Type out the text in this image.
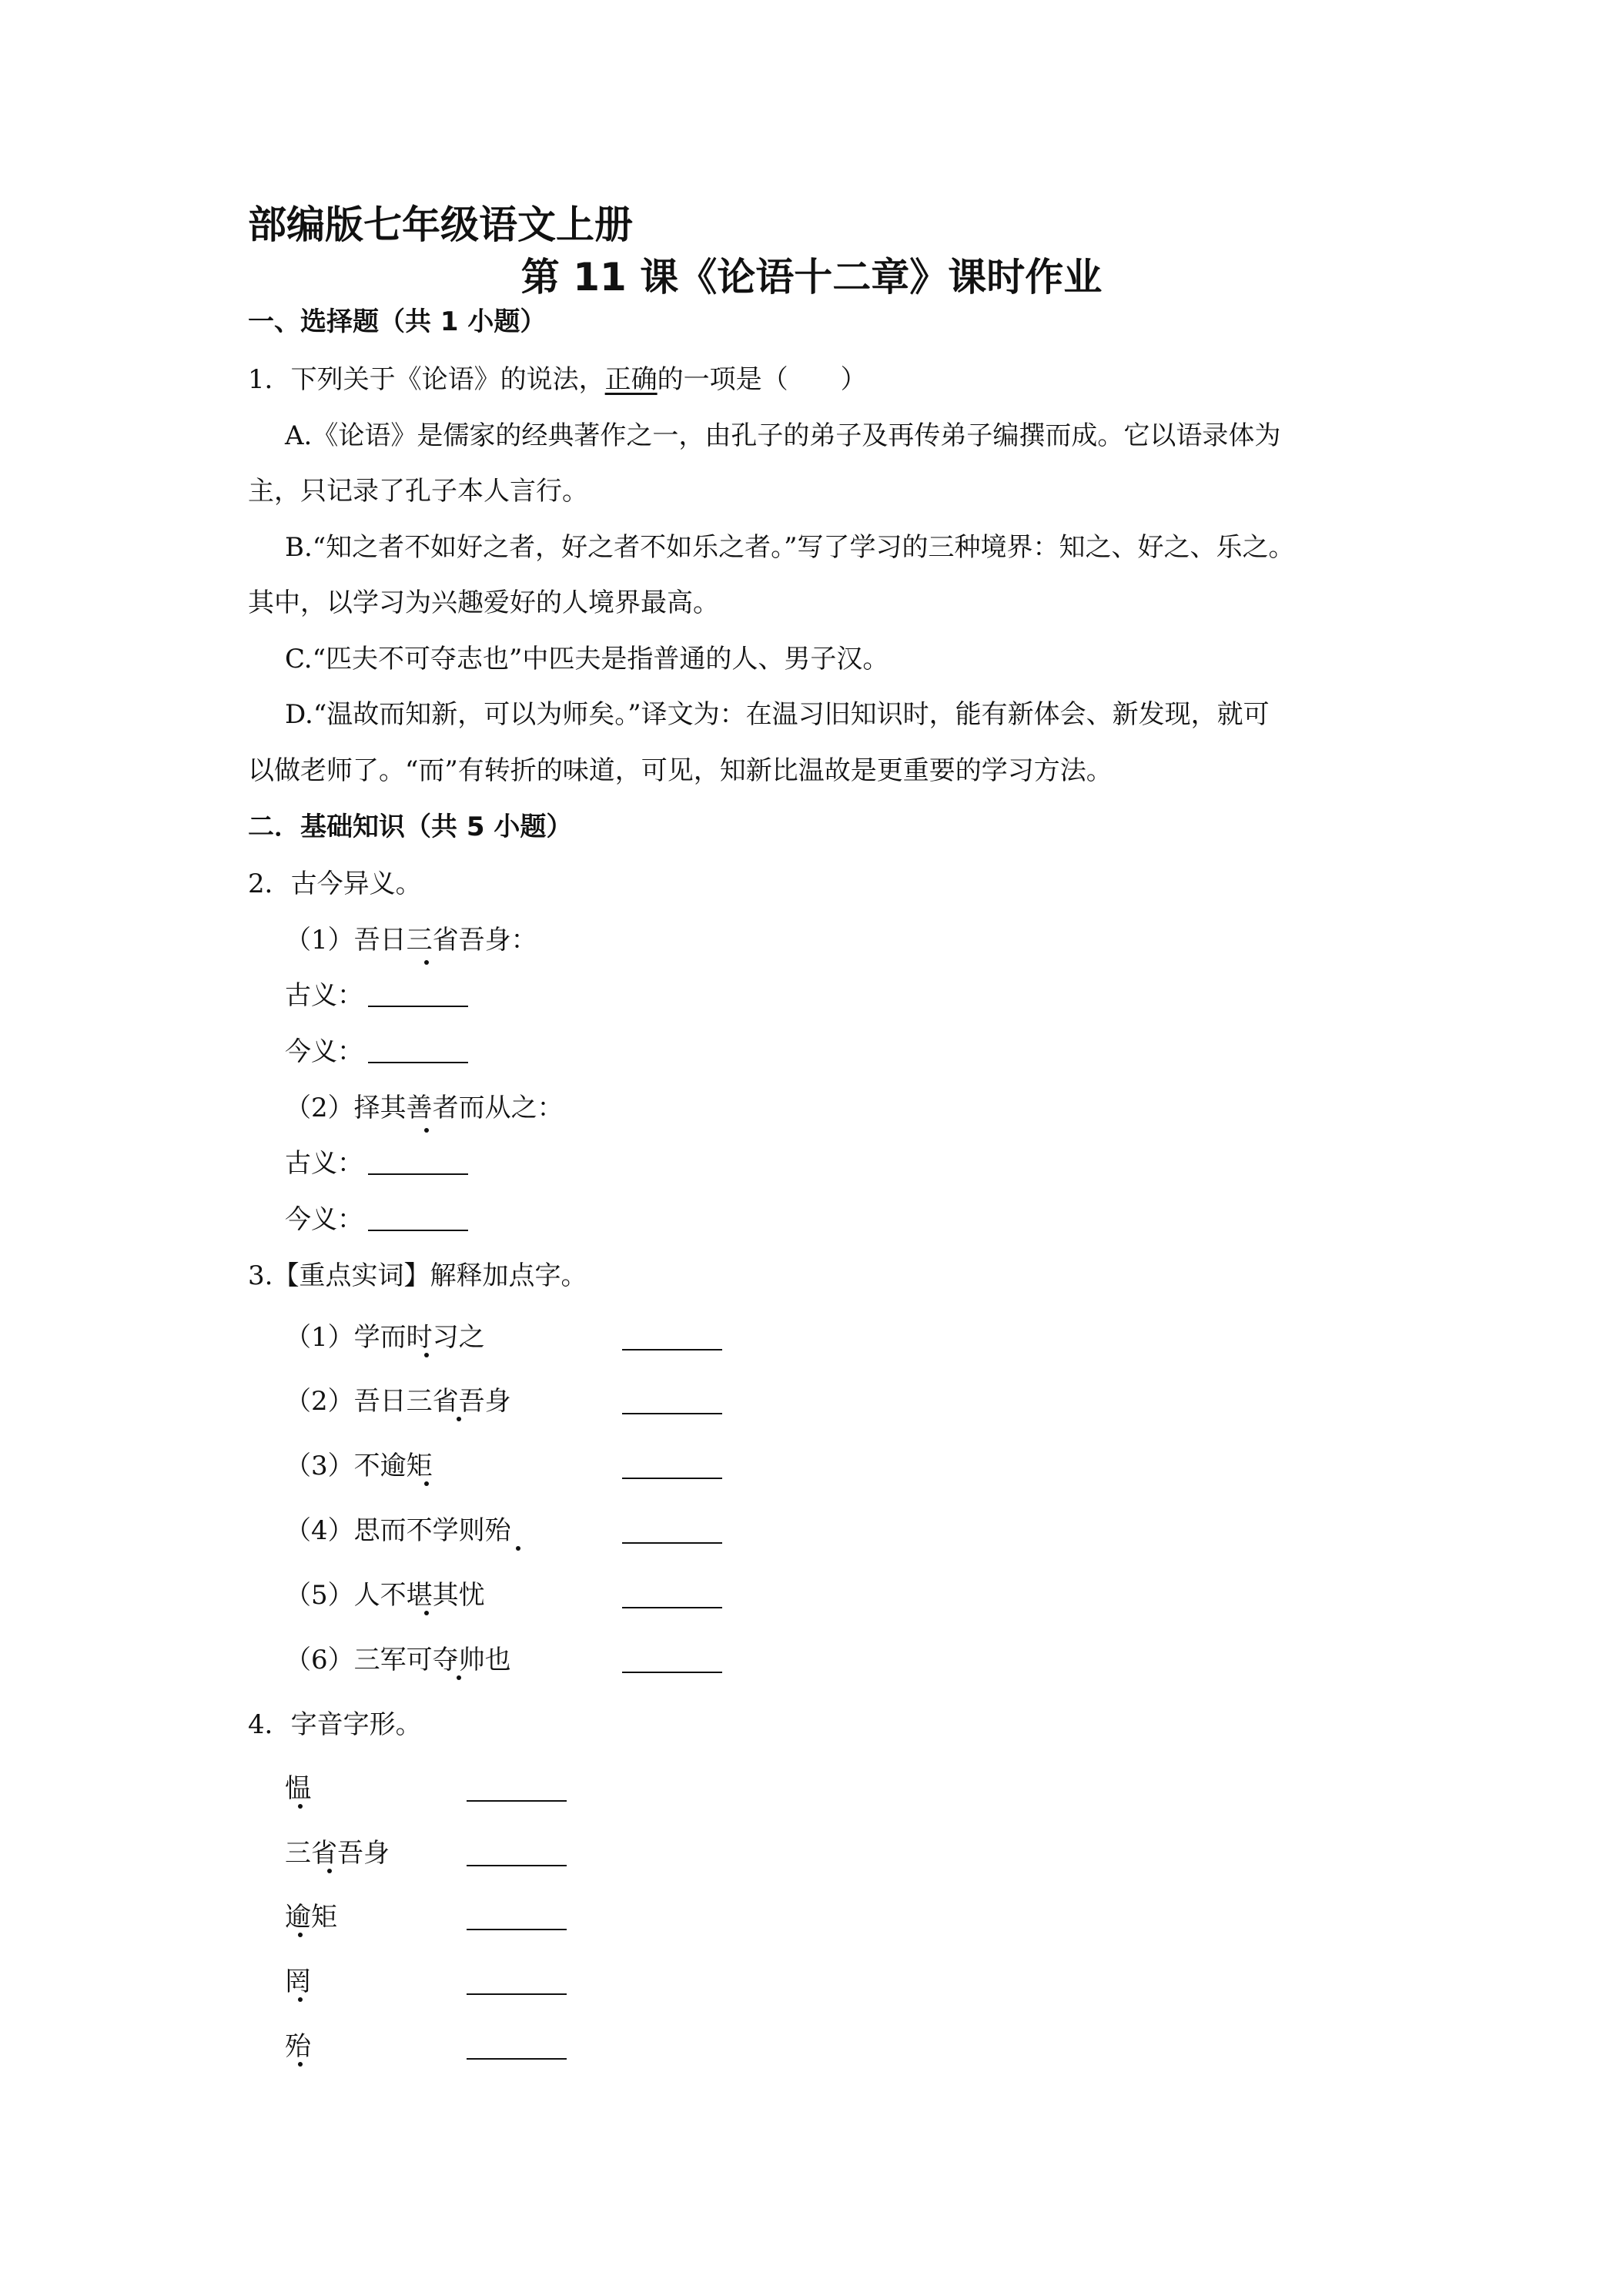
部编版七年级语文上册
第 11 课《论语十二章》课时作业
一、选择题（共 1 小题）
1．下列关于《论语》的说法，正确的一项是（　　）
A.《论语》是儒家的经典著作之一，由孔子的弟子及再传弟子编撰而成。它以语录体为
主，只记录了孔子本人言行。
B.“知之者不如好之者，好之者不如乐之者。”写了学习的三种境界：知之、好之、乐之。
其中，以学习为兴趣爱好的人境界最高。
C.“匹夫不可夺志也”中匹夫是指普通的人、男子汉。
D.“温故而知新，可以为师矣。”译文为：在温习旧知识时，能有新体会、新发现，就可
以做老师了。“而”有转折的味道，可见，知新比温故是更重要的学习方法。
二．基础知识（共 5 小题）
2．古今异义。
（1）吾日三省吾身：
古义：
今义：
（2）择其善者而从之：
古义：
今义：
3.【重点实词】解释加点字。
（1）学而时习之
（2）吾日三省吾身
（3）不逾矩
（4）思而不学则殆
（5）人不堪其忧
（6）三军可夺帅也
4．字音字形。
愠
三省吾身
逾矩
罔
殆
